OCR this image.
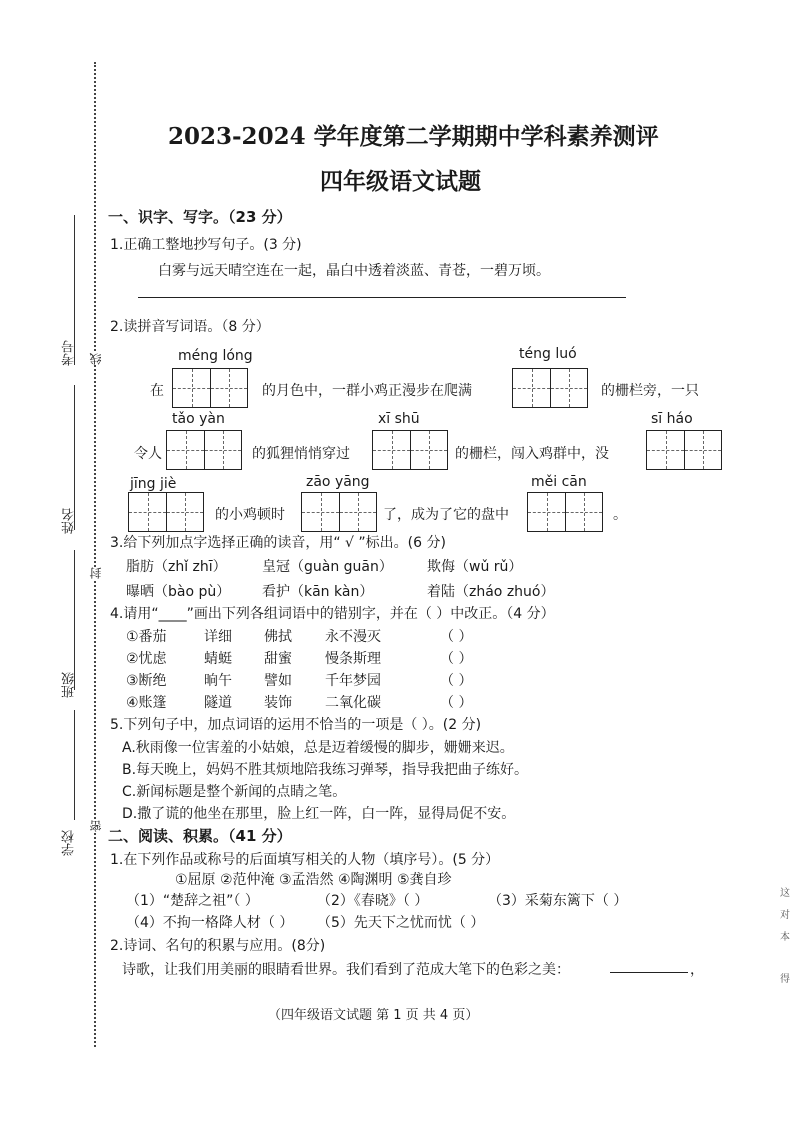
考号
姓名
班级
学校
线
封
密
2023-2024 学年度第二学期期中学科素养测评
四年级语文试题
一、识字、写字。（23 分）
1.正确工整地抄写句子。(3 分)
白雾与远天晴空连在一起，晶白中透着淡蓝、青苍，一碧万顷。
2.读拼音写词语。（8 分）
méng lóng	téng luó
在	的月色中，一群小鸡正漫步在爬满	的栅栏旁，一只
tǎo yàn	xī shū	sī háo
令人	的狐狸悄悄穿过	的栅栏，闯入鸡群中，没
jīng jiè	zāo yāng	měi cān
的小鸡顿时	了，成为了它的盘中	。
3.给下列加点字选择正确的读音，用“ √ ”标出。(6 分)
脂肪（zhǐ zhī）	皇冠（guàn guān） 欺侮（wǔ rǔ）
曝晒（bào pù） 看护（kān kàn）	着陆（zháo zhuó）
4.请用“____”画出下列各组词语中的错别字，并在（ ）中改正。（4 分）
①番茄	详细 佛拭 永不漫灭	（ ）
②忧虑	蜻蜓 甜蜜 慢条斯理	（ ）
③断绝	晌午 譬如 千年梦园	（ ）
④账篷	隧道 装饰 二氧化碳	（ ）
5.下列句子中，加点词语的运用不恰当的一项是（ ）。(2 分)
A.秋雨像一位害羞的小姑娘，总是迈着缓慢的脚步，姗姗来迟。
B.每天晚上，妈妈不胜其烦地陪我练习弹琴，指导我把曲子练好。
C.新闻标题是整个新闻的点睛之笔。
D.撒了谎的他坐在那里，脸上红一阵，白一阵，显得局促不安。
二、阅读、积累。（41 分）
1.在下列作品或称号的后面填写相关的人物（填序号）。(5 分）
①屈原 ②范仲淹 ③孟浩然 ④陶渊明 ⑤龚自珍
（1）“楚辞之祖”（ ）	（2）《春晓》（ ）	（3）采菊东篱下（ ）
（4）不拘一格降人材（ ） （5）先天下之忧而忧（ ）
2.诗词、名句的积累与应用。(8分)
诗歌，让我们用美丽的眼睛看世界。我们看到了范成大笔下的色彩之美：	，
（四年级语文试题 第 1 页 共 4 页）
这
对
本
得
